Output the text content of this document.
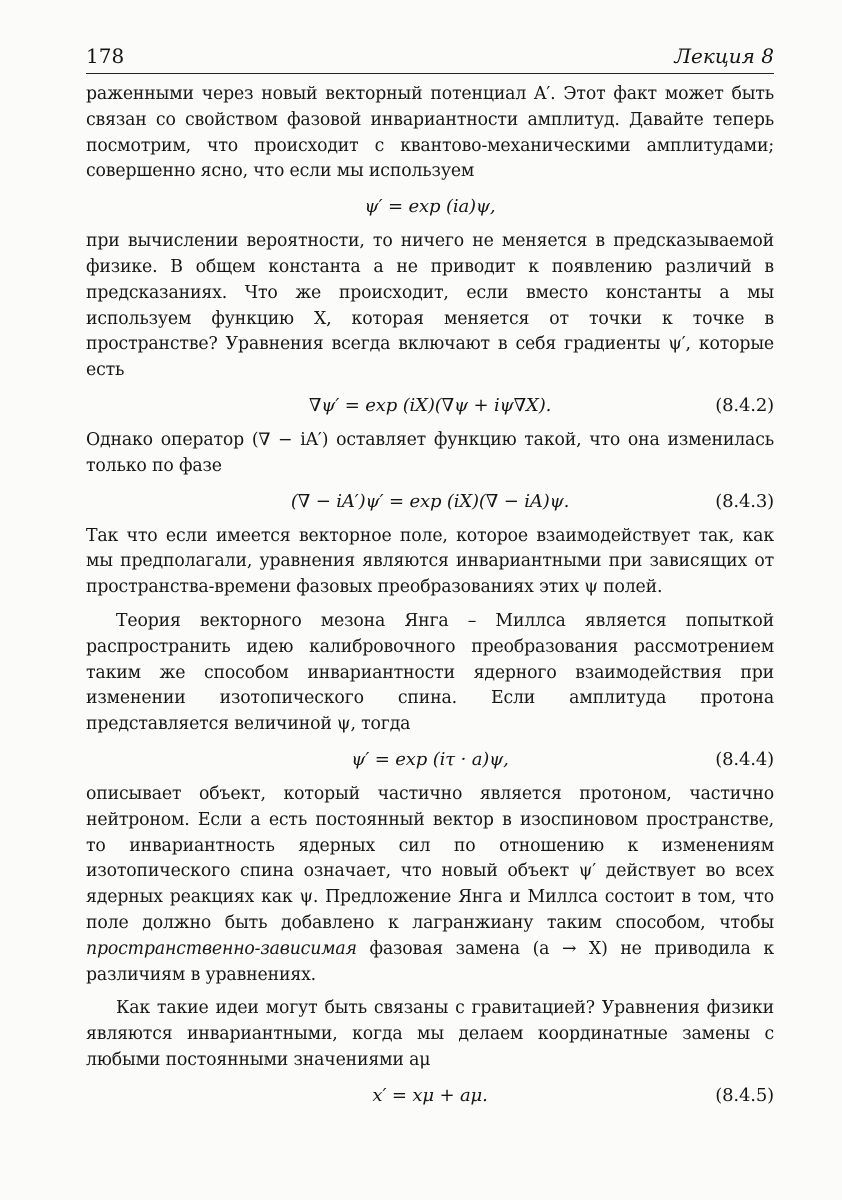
178	Лекция 8

раженными через новый векторный потенциал A′. Этот факт может быть связан со свойством фазовой инвариантности амплитуд. Давайте теперь посмотрим, что происходит с квантово-механическими амплитудами; совершенно ясно, что если мы используем

ψ′ = exp (ia)ψ,

при вычислении вероятности, то ничего не меняется в предсказываемой физике. В общем константа a не приводит к появлению различий в предсказаниях. Что же происходит, если вместо константы a мы используем функцию X, которая меняется от точки к точке в пространстве? Уравнения всегда включают в себя градиенты ψ′, которые есть

∇ψ′ = exp (iX)(∇ψ + iψ∇X).	(8.4.2)

Однако оператор (∇ − iA′) оставляет функцию такой, что она изменилась только по фазе

(∇ − iA′)ψ′ = exp (iX)(∇ − iA)ψ.	(8.4.3)

Так что если имеется векторное поле, которое взаимодействует так, как мы предполагали, уравнения являются инвариантными при зависящих от пространства-времени фазовых преобразованиях этих ψ полей.

Теория векторного мезона Янга – Миллса является попыткой распространить идею калибровочного преобразования рассмотрением таким же способом инвариантности ядерного взаимодействия при изменении изотопического спина. Если амплитуда протона представляется величиной ψ, тогда

ψ′ = exp (iτ · a)ψ,	(8.4.4)

описывает объект, который частично является протоном, частично нейтроном. Если a есть постоянный вектор в изоспиновом пространстве, то инвариантность ядерных сил по отношению к изменениям изотопического спина означает, что новый объект ψ′ действует во всех ядерных реакциях как ψ. Предложение Янга и Миллса состоит в том, что поле должно быть добавлено к лагранжиану таким способом, чтобы пространственно-зависимая фазовая замена (a → X) не приводила к различиям в уравнениях.

Как такие идеи могут быть связаны с гравитацией? Уравнения физики являются инвариантными, когда мы делаем координатные замены с любыми постоянными значениями aμ

x′ = xμ + aμ.	(8.4.5)
